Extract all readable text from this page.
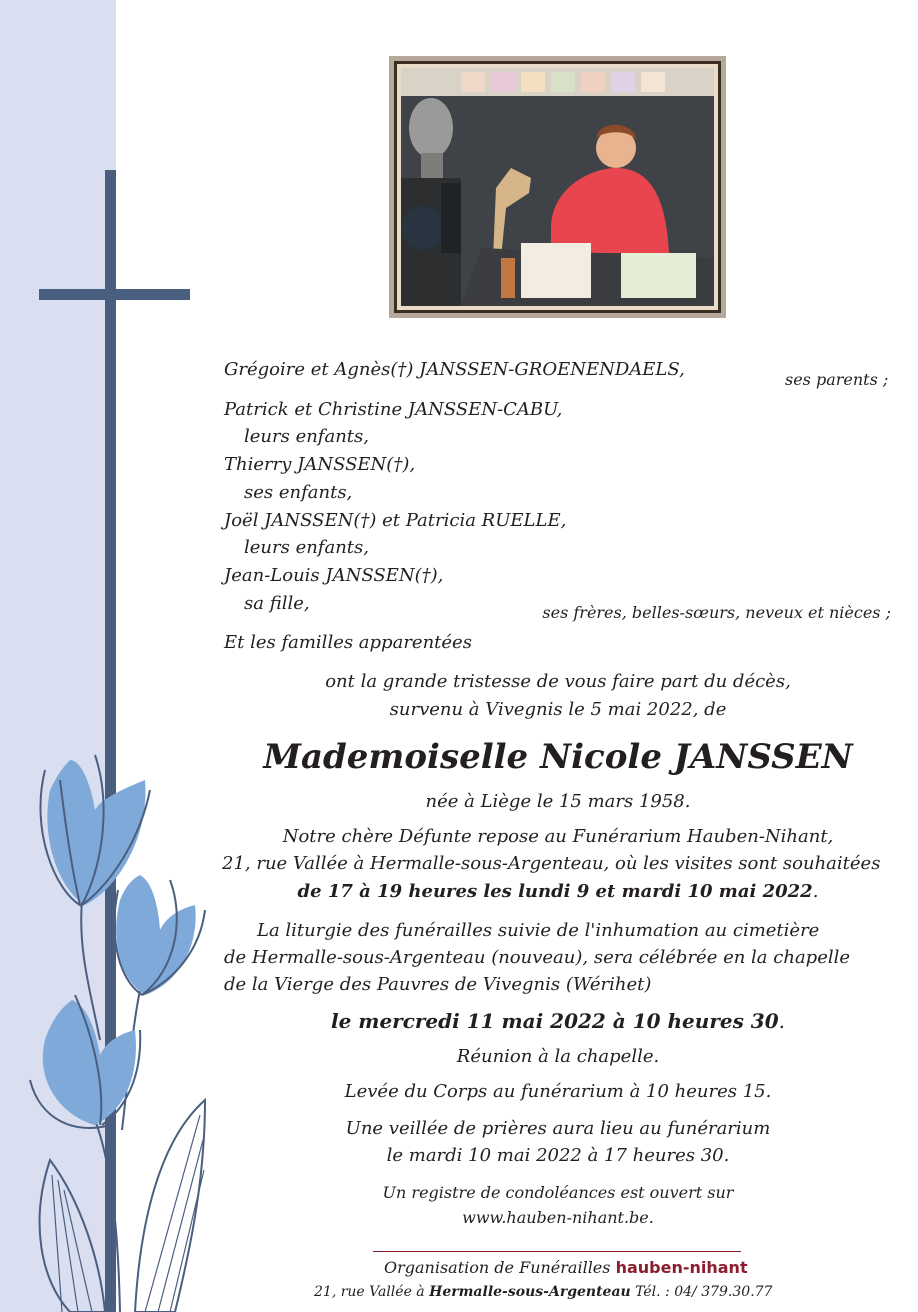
Grégoire et Agnès(†) JANSSEN-GROENENDAELS,	ses parents ;
Patrick et Christine JANSSEN-CABU,
leurs enfants,
Thierry JANSSEN(†),
ses enfants,
Joël JANSSEN(†) et Patricia RUELLE,
leurs enfants,
Jean-Louis JANSSEN(†),
sa fille,	ses frères, belles-sœurs, neveux et nièces ;
Et les familles apparentées
ont la grande tristesse de vous faire part du décès,
survenu à Vivegnis le 5 mai 2022, de
Mademoiselle Nicole JANSSEN
née à Liège le 15 mars 1958.
Notre chère Défunte repose au Funérarium Hauben-Nihant,
21, rue Vallée à Hermalle-sous-Argenteau, où les visites sont souhaitées
de 17 à 19 heures les lundi 9 et mardi 10 mai 2022.
La liturgie des funérailles suivie de l'inhumation au cimetière
de Hermalle-sous-Argenteau (nouveau), sera célébrée en la chapelle
de la Vierge des Pauvres de Vivegnis (Wérihet)
le mercredi 11 mai 2022 à 10 heures 30.
Réunion à la chapelle.
Levée du Corps au funérarium à 10 heures 15.
Une veillée de prières aura lieu au funérarium
le mardi 10 mai 2022 à 17 heures 30.
Un registre de condoléances est ouvert sur
www.hauben-nihant.be.
Organisation de Funérailles hauben-nihant
21, rue Vallée à Hermalle-sous-Argenteau Tél. : 04/ 379.30.77
